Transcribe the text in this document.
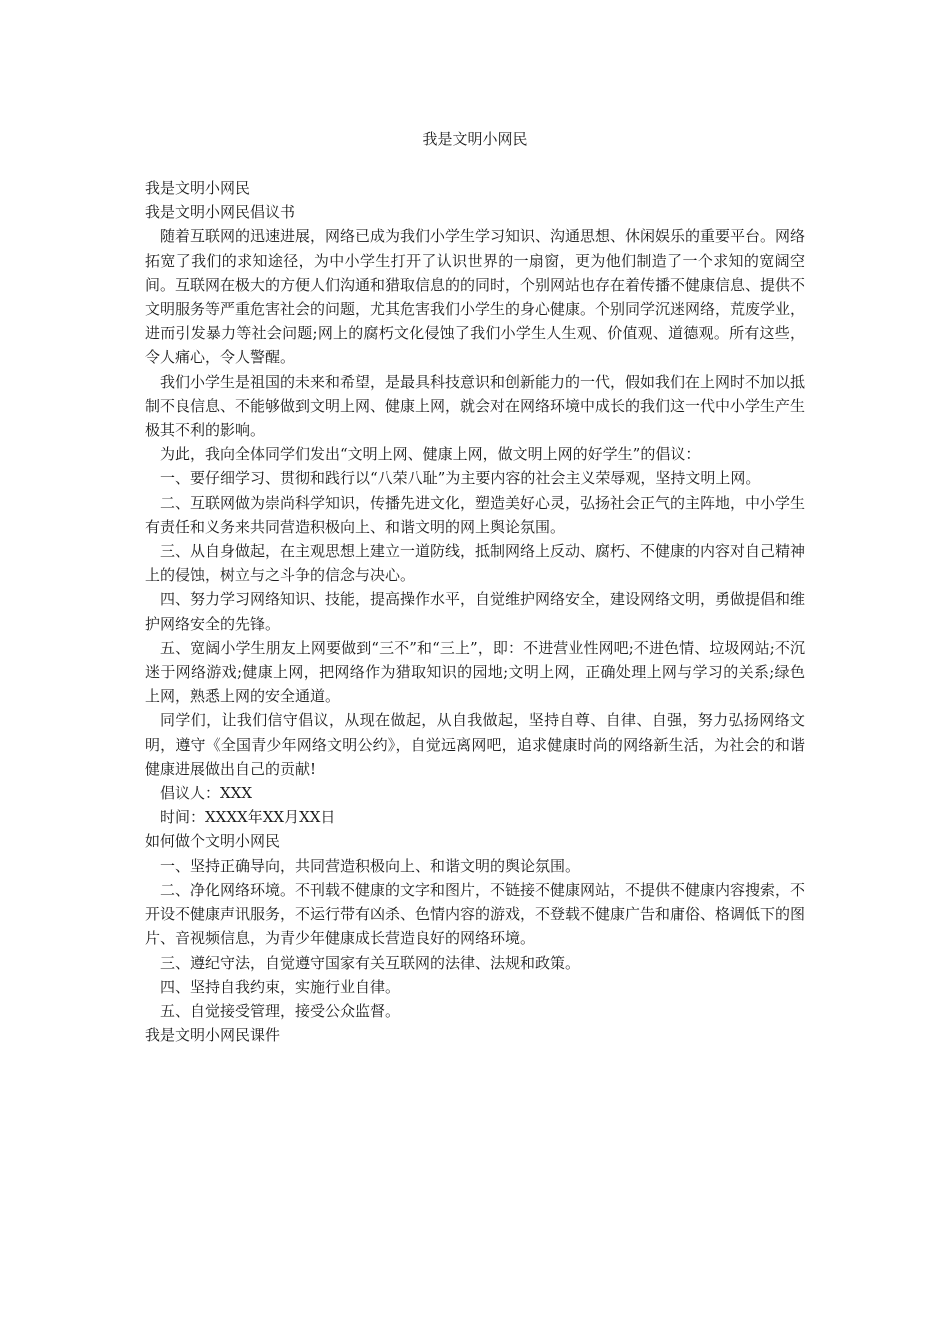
我是文明小网民

我是文明小网民

我是文明小网民倡议书

随着互联网的迅速进展，网络已成为我们小学生学习知识、沟通思想、休闲娱乐的重要平台。网络拓宽了我们的求知途径，为中小学生打开了认识世界的一扇窗，更为他们制造了一个求知的宽阔空间。互联网在极大的方便人们沟通和猎取信息的的同时，个别网站也存在着传播不健康信息、提供不文明服务等严重危害社会的问题，尤其危害我们小学生的身心健康。个别同学沉迷网络，荒废学业，进而引发暴力等社会问题;网上的腐朽文化侵蚀了我们小学生人生观、价值观、道德观。所有这些，令人痛心，令人警醒。

我们小学生是祖国的未来和希望，是最具科技意识和创新能力的一代，假如我们在上网时不加以抵制不良信息、不能够做到文明上网、健康上网，就会对在网络环境中成长的我们这一代中小学生产生极其不利的影响。

为此，我向全体同学们发出“文明上网、健康上网，做文明上网的好学生”的倡议：

一、要仔细学习、贯彻和践行以“八荣八耻”为主要内容的社会主义荣辱观，坚持文明上网。

二、互联网做为崇尚科学知识，传播先进文化，塑造美好心灵，弘扬社会正气的主阵地，中小学生有责任和义务来共同营造积极向上、和谐文明的网上舆论氛围。

三、从自身做起，在主观思想上建立一道防线，抵制网络上反动、腐朽、不健康的内容对自己精神上的侵蚀，树立与之斗争的信念与决心。

四、努力学习网络知识、技能，提高操作水平，自觉维护网络安全，建设网络文明，勇做提倡和维护网络安全的先锋。

五、宽阔小学生朋友上网要做到“三不”和“三上”，即：不进营业性网吧;不进色情、垃圾网站;不沉迷于网络游戏;健康上网，把网络作为猎取知识的园地;文明上网，正确处理上网与学习的关系;绿色上网，熟悉上网的安全通道。

同学们，让我们信守倡议，从现在做起，从自我做起，坚持自尊、自律、自强，努力弘扬网络文明，遵守《全国青少年网络文明公约》，自觉远离网吧，追求健康时尚的网络新生活，为社会的和谐健康进展做出自己的贡献!

倡议人：XXX

时间：XXXX年XX月XX日

如何做个文明小网民

一、坚持正确导向，共同营造积极向上、和谐文明的舆论氛围。

二、净化网络环境。不刊载不健康的文字和图片，不链接不健康网站，不提供不健康内容搜索，不开设不健康声讯服务，不运行带有凶杀、色情内容的游戏，不登载不健康广告和庸俗、格调低下的图片、音视频信息，为青少年健康成长营造良好的网络环境。

三、遵纪守法，自觉遵守国家有关互联网的法律、法规和政策。

四、坚持自我约束，实施行业自律。

五、自觉接受管理，接受公众监督。

我是文明小网民课件
